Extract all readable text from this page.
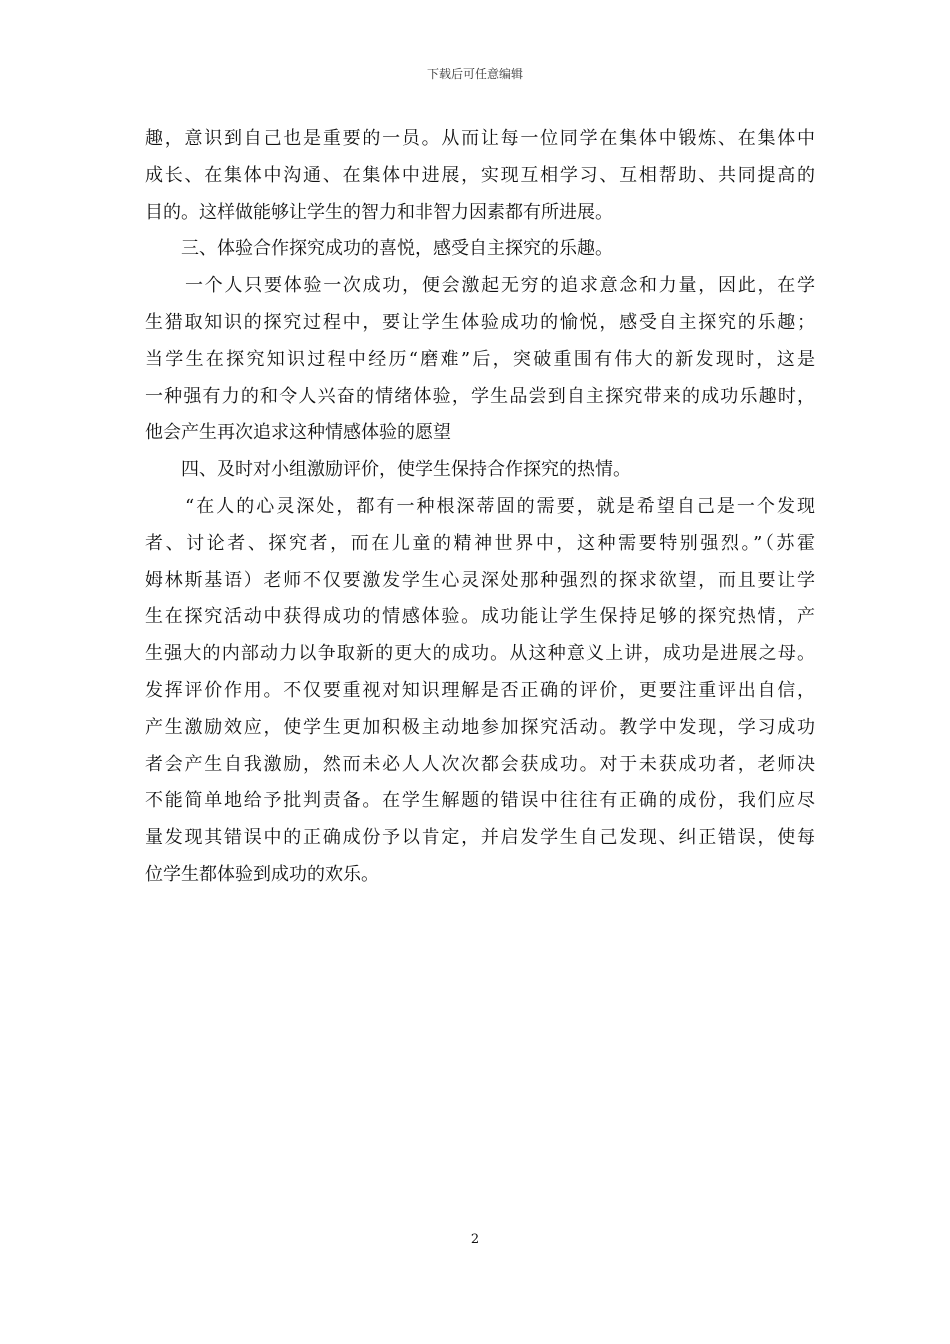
下载后可任意编辑
趣，意识到自己也是重要的一员。从而让每一位同学在集体中锻炼、在集体中
成长、在集体中沟通、在集体中进展，实现互相学习、互相帮助、共同提高的
目的。这样做能够让学生的智力和非智力因素都有所进展。
三、体验合作探究成功的喜悦，感受自主探究的乐趣。
一个人只要体验一次成功，便会激起无穷的追求意念和力量，因此，在学
生猎取知识的探究过程中，要让学生体验成功的愉悦，感受自主探究的乐趣；
当学生在探究知识过程中经历“磨难”后，突破重围有伟大的新发现时，这是
一种强有力的和令人兴奋的情绪体验，学生品尝到自主探究带来的成功乐趣时，
他会产生再次追求这种情感体验的愿望
四、及时对小组激励评价，使学生保持合作探究的热情。
“在人的心灵深处，都有一种根深蒂固的需要，就是希望自己是一个发现
者、讨论者、探究者，而在儿童的精神世界中，这种需要特别强烈。”（苏霍
姆林斯基语）老师不仅要激发学生心灵深处那种强烈的探求欲望，而且要让学
生在探究活动中获得成功的情感体验。成功能让学生保持足够的探究热情，产
生强大的内部动力以争取新的更大的成功。从这种意义上讲，成功是进展之母。
发挥评价作用。不仅要重视对知识理解是否正确的评价，更要注重评出自信，
产生激励效应，使学生更加积极主动地参加探究活动。教学中发现，学习成功
者会产生自我激励，然而未必人人次次都会获成功。对于未获成功者，老师决
不能简单地给予批判责备。在学生解题的错误中往往有正确的成份，我们应尽
量发现其错误中的正确成份予以肯定，并启发学生自己发现、纠正错误，使每
位学生都体验到成功的欢乐。
2
